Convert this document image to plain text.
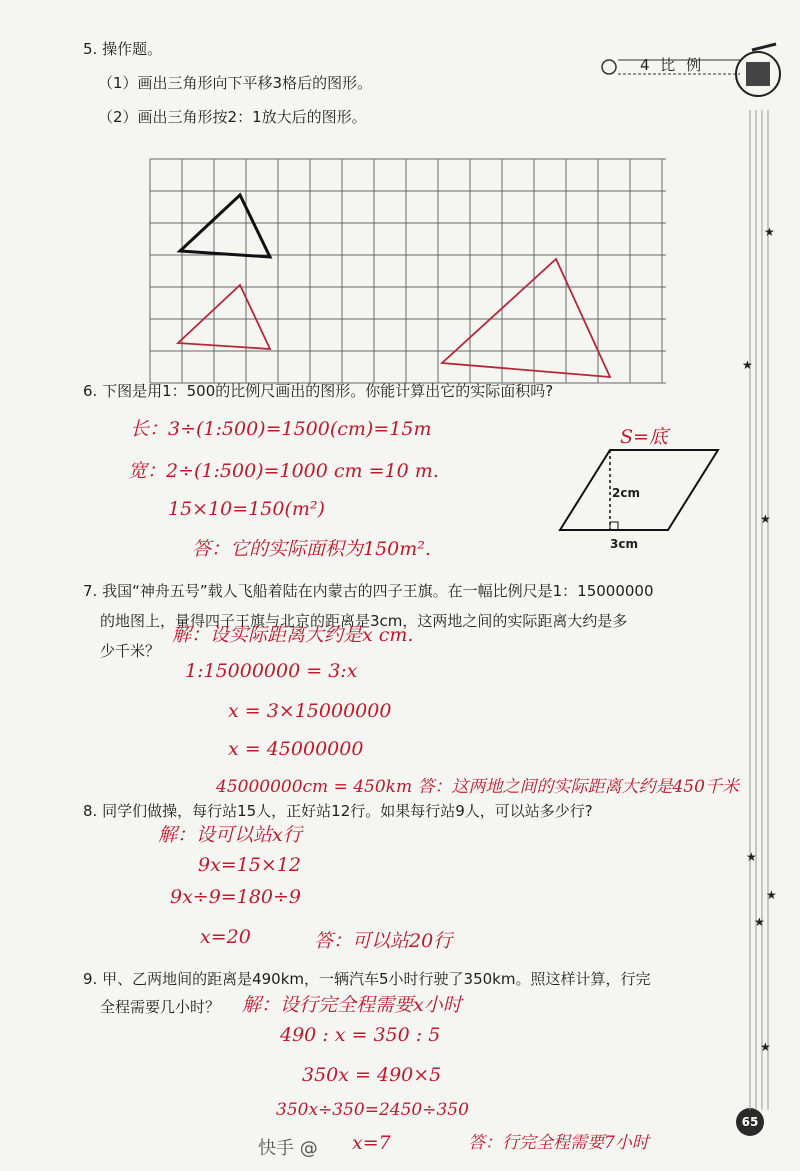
4 比 例
5. 操作题。
（1）画出三角形向下平移3格后的图形。
（2）画出三角形按2：1放大后的图形。
6. 下图是用1：500的比例尺画出的图形。你能计算出它的实际面积吗?
长：3÷(1:500)=1500(cm)=15m	S=底
宽：2÷(1:500)=1000 cm =10 m.
15×10=150(m²)
答：它的实际面积为150m².
2cm
3cm
7. 我国“神舟五号”载人飞船着陆在内蒙古的四子王旗。在一幅比例尺是1：15000000
的地图上，量得四子王旗与北京的距离是3cm，这两地之间的实际距离大约是多
少千米？
解：设实际距离大约是x cm.
1:15000000 = 3:x
x = 3×15000000
x = 45000000
45000000cm = 450km 答：这两地之间的实际距离大约是450千米
8. 同学们做操，每行站15人，正好站12行。如果每行站9人，可以站多少行?
解：设可以站x行
9x=15×12
9x÷9=180÷9
x=20	答：可以站20行
9. 甲、乙两地间的距离是490km，一辆汽车5小时行驶了350km。照这样计算，行完
全程需要几小时？ 解：设行完全程需要x小时
490 : x = 350 : 5
350x = 490×5
350x÷350=2450÷350
x=7	答：行完全程需要7小时
快手 @
65
★
★
★
★
★
★
★
